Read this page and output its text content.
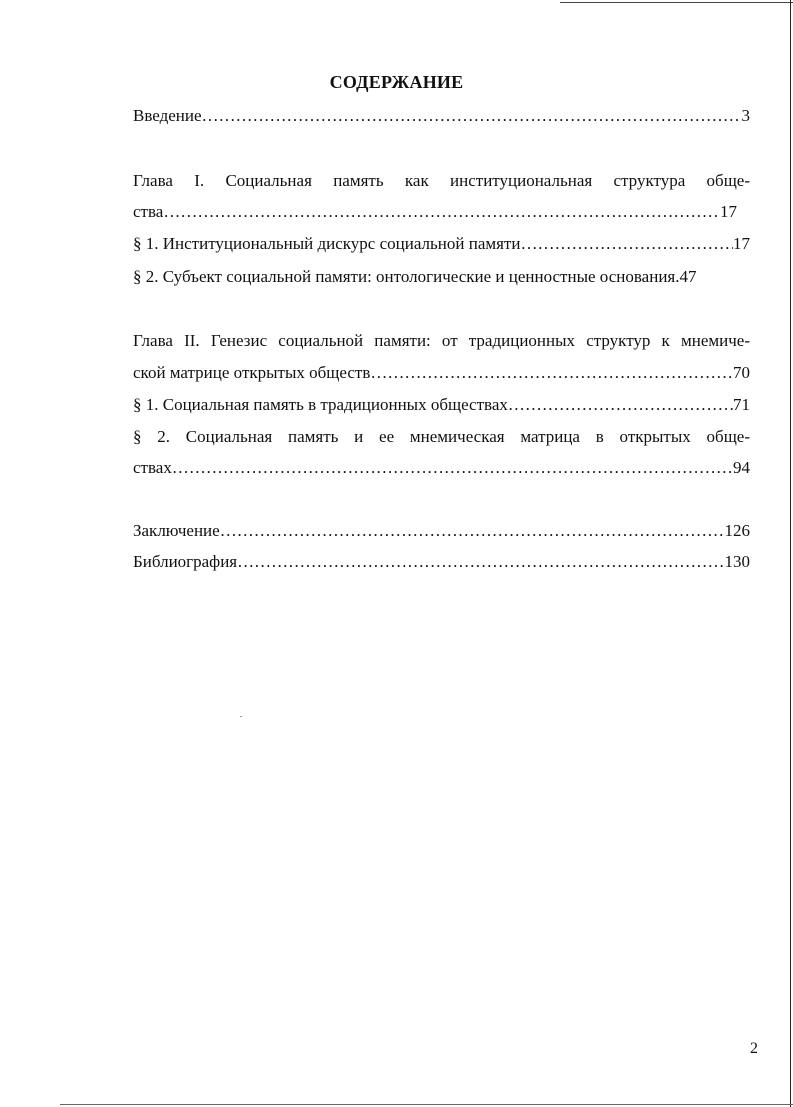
СОДЕРЖАНИЕ
Введение ………………………………………………………………………………………………………………………………………………	3
Глава I. Социальная память как институциональная структура обще-
ства ………………………………………………………………………………………………………………………………………………	17
§ 1. Институциональный дискурс социальной памяти ………………………………………………………………………………………………………………………………………………	17
§ 2. Субъект социальной памяти: онтологические и ценностные основания. 47
Глава II. Генезис социальной памяти: от традиционных структур к мнемиче-
ской матрице открытых обществ ………………………………………………………………………………………………………………………………………………	70
§ 1. Социальная память в традиционных обществах ………………………………………………………………………………………………………………………………………………	71
§ 2. Социальная память и ее мнемическая матрица в открытых обще-
ствах ………………………………………………………………………………………………………………………………………………	94
Заключение ………………………………………………………………………………………………………………………………………………	126
Библиография ………………………………………………………………………………………………………………………………………………	130
2
